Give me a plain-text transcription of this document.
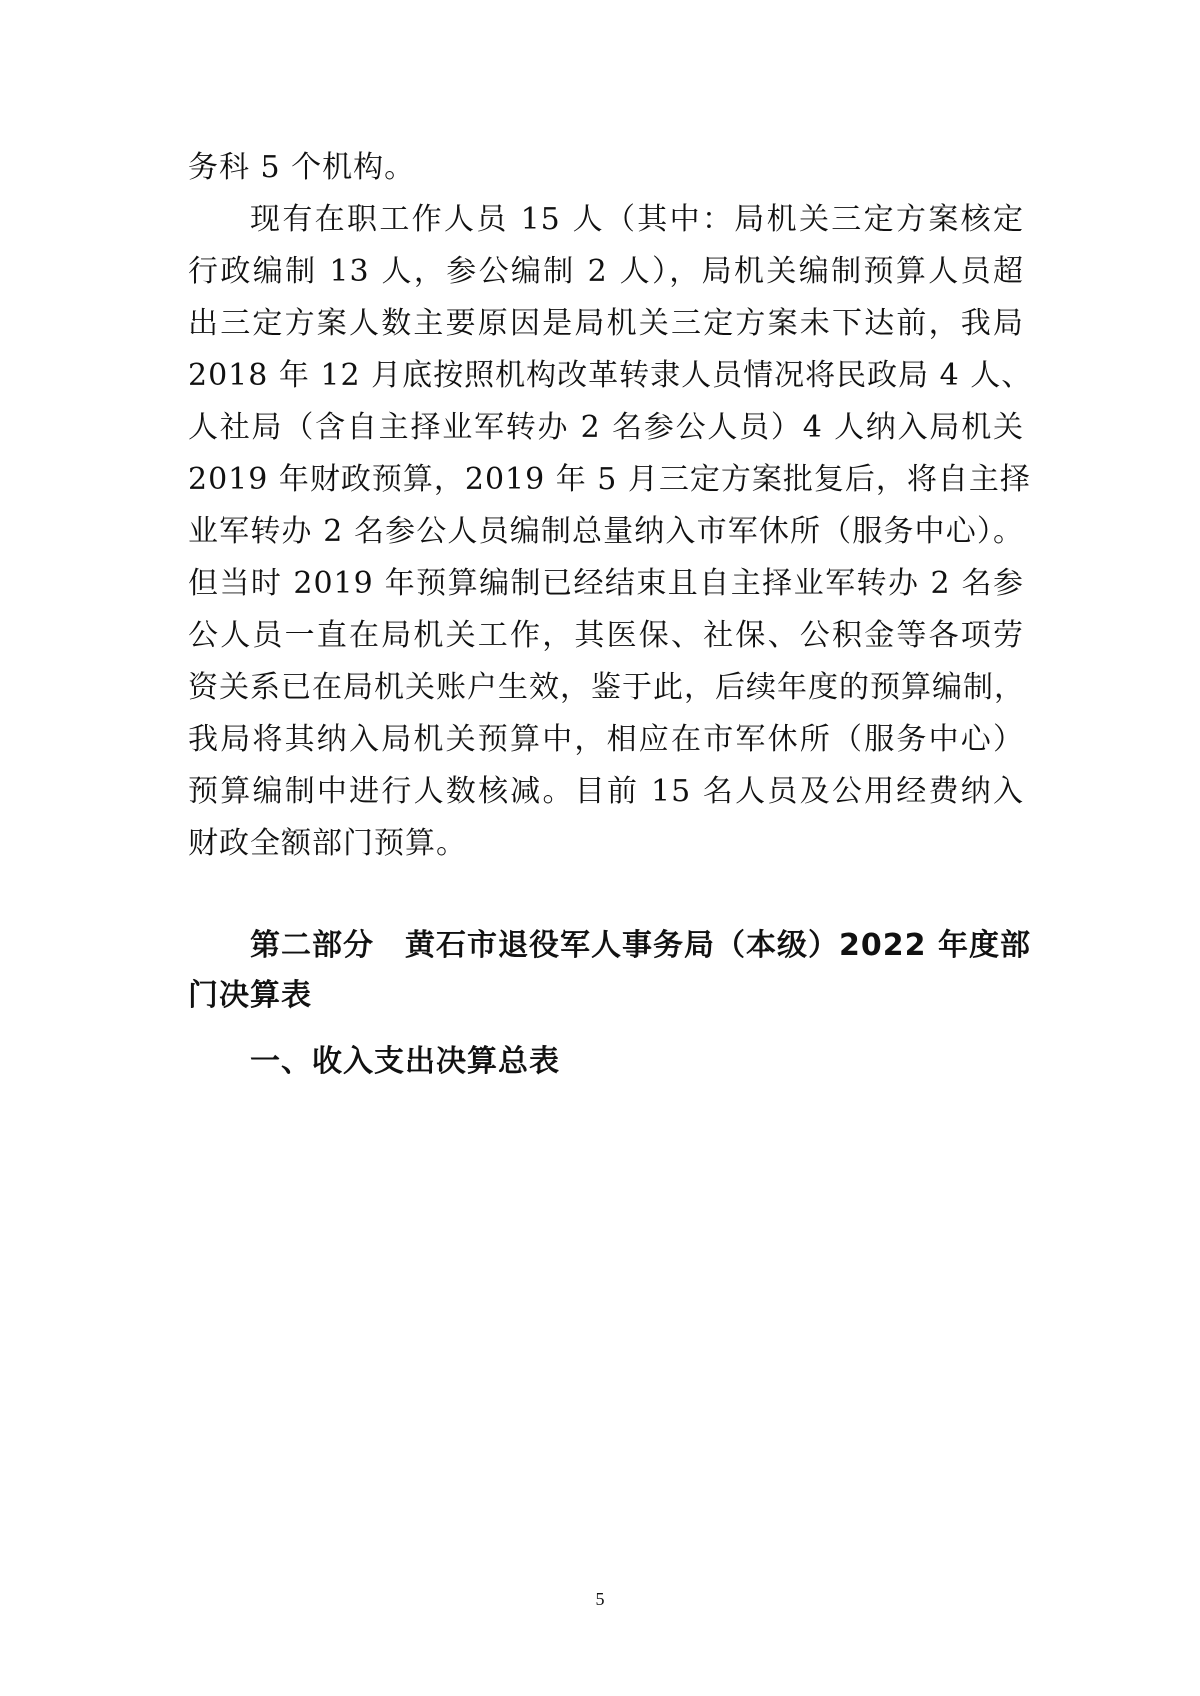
务科 5 个机构。
现有在职工作人员 15 人（其中：局机关三定方案核定
行政编制 13 人，参公编制 2 人），局机关编制预算人员超
出三定方案人数主要原因是局机关三定方案未下达前，我局
2018 年 12 月底按照机构改革转隶人员情况将民政局 4 人、
人社局（含自主择业军转办 2 名参公人员）4 人纳入局机关
2019 年财政预算，2019 年 5 月三定方案批复后，将自主择
业军转办 2 名参公人员编制总量纳入市军休所（服务中心）。
但当时 2019 年预算编制已经结束且自主择业军转办 2 名参
公人员一直在局机关工作，其医保、社保、公积金等各项劳
资关系已在局机关账户生效，鉴于此，后续年度的预算编制，
我局将其纳入局机关预算中，相应在市军休所（服务中心）
预算编制中进行人数核减。目前 15 名人员及公用经费纳入
财政全额部门预算。
第二部分　黄石市退役军人事务局（本级）2022 年度部
门决算表
一、收入支出决算总表
5
